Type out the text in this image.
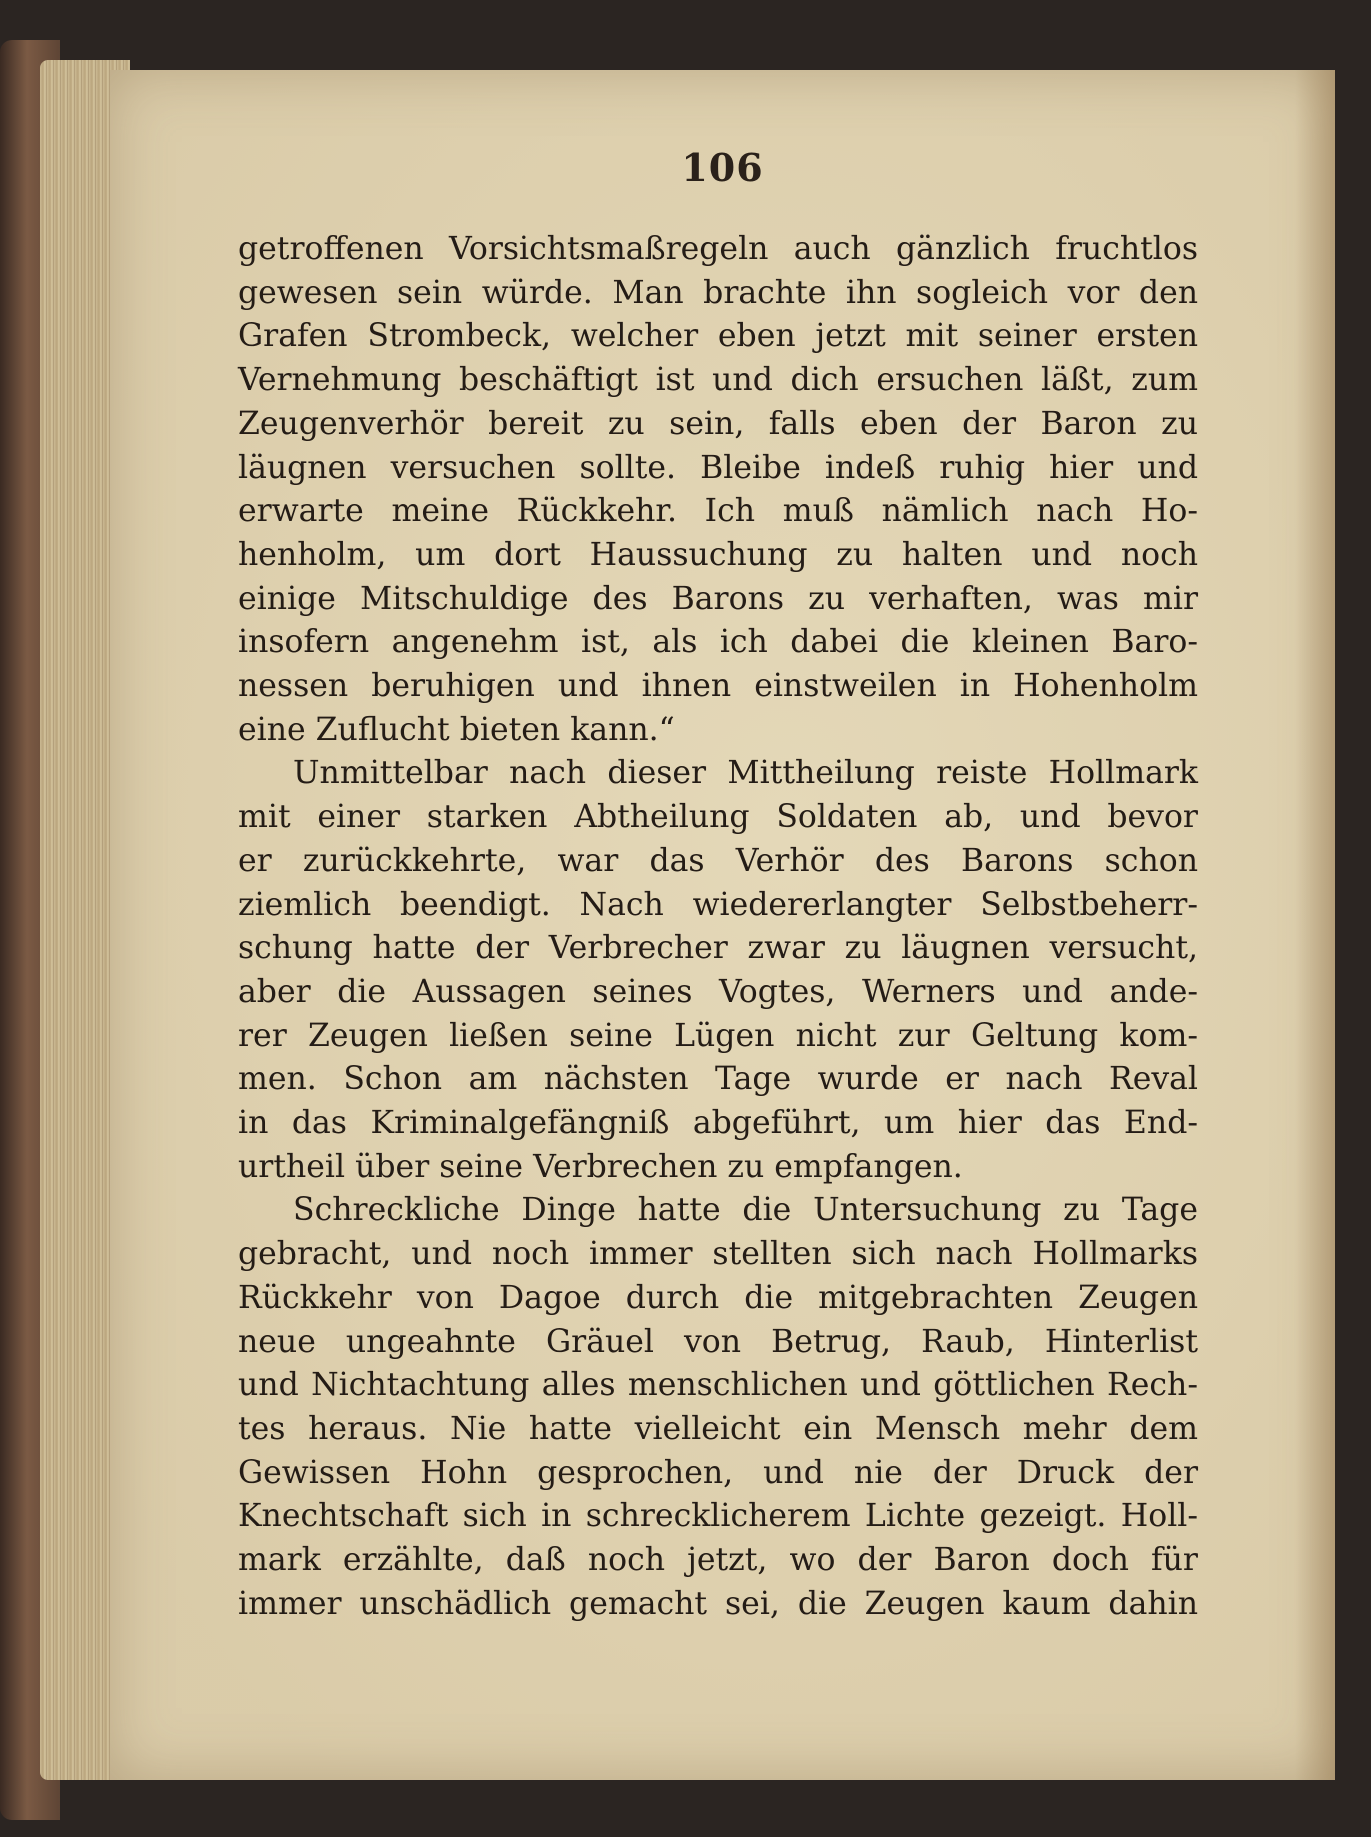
106
getroffenen Vorsichtsmaßregeln auch gänzlich fruchtlos
gewesen sein würde. Man brachte ihn sogleich vor den
Grafen Strombeck, welcher eben jetzt mit seiner ersten
Vernehmung beschäftigt ist und dich ersuchen läßt, zum
Zeugenverhör bereit zu sein, falls eben der Baron zu
läugnen versuchen sollte. Bleibe indeß ruhig hier und
erwarte meine Rückkehr. Ich muß nämlich nach Ho-
henholm, um dort Haussuchung zu halten und noch
einige Mitschuldige des Barons zu verhaften, was mir
insofern angenehm ist, als ich dabei die kleinen Baro-
nessen beruhigen und ihnen einstweilen in Hohenholm
eine Zuflucht bieten kann.“
Unmittelbar nach dieser Mittheilung reiste Hollmark
mit einer starken Abtheilung Soldaten ab, und bevor
er zurückkehrte, war das Verhör des Barons schon
ziemlich beendigt. Nach wiedererlangter Selbstbeherr-
schung hatte der Verbrecher zwar zu läugnen versucht,
aber die Aussagen seines Vogtes, Werners und ande-
rer Zeugen ließen seine Lügen nicht zur Geltung kom-
men. Schon am nächsten Tage wurde er nach Reval
in das Kriminalgefängniß abgeführt, um hier das End-
urtheil über seine Verbrechen zu empfangen.
Schreckliche Dinge hatte die Untersuchung zu Tage
gebracht, und noch immer stellten sich nach Hollmarks
Rückkehr von Dagoe durch die mitgebrachten Zeugen
neue ungeahnte Gräuel von Betrug, Raub, Hinterlist
und Nichtachtung alles menschlichen und göttlichen Rech-
tes heraus. Nie hatte vielleicht ein Mensch mehr dem
Gewissen Hohn gesprochen, und nie der Druck der
Knechtschaft sich in schrecklicherem Lichte gezeigt. Holl-
mark erzählte, daß noch jetzt, wo der Baron doch für
immer unschädlich gemacht sei, die Zeugen kaum dahin
